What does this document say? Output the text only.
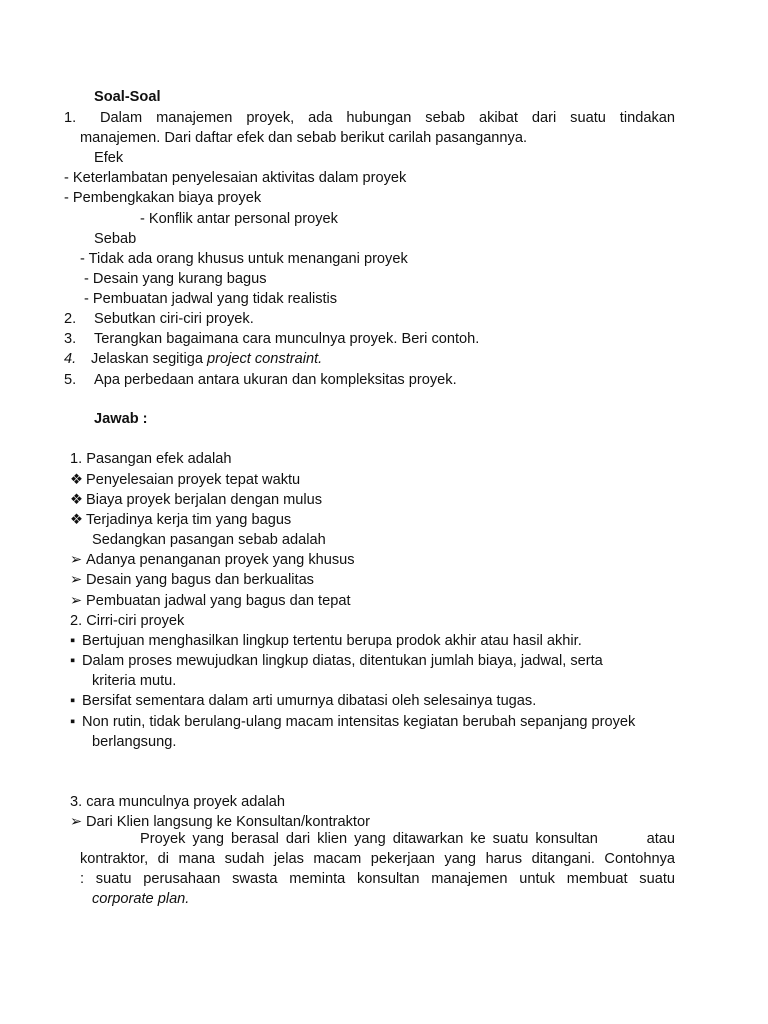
Soal-Soal
1. Dalam manajemen proyek, ada hubungan sebab akibat dari suatu tindakan
manajemen. Dari daftar efek dan sebab berikut carilah pasangannya.
Efek
- Keterlambatan penyelesaian aktivitas dalam proyek
- Pembengkakan biaya proyek
- Konflik antar personal proyek
Sebab
- Tidak ada orang khusus untuk menangani proyek
- Desain yang kurang bagus
- Pembuatan jadwal yang tidak realistis
2. Sebutkan ciri-ciri proyek.
3. Terangkan bagaimana cara munculnya proyek. Beri contoh.
4. Jelaskan segitiga project constraint.
5. Apa perbedaan antara ukuran dan kompleksitas proyek.
Jawab :
1. Pasangan efek adalah
❖ Penyelesaian proyek tepat waktu
❖ Biaya proyek berjalan dengan mulus
❖ Terjadinya kerja tim yang bagus
Sedangkan pasangan sebab adalah
➢ Adanya penanganan proyek yang khusus
➢ Desain yang bagus dan berkualitas
➢ Pembuatan jadwal yang bagus dan tepat
2. Cirri-ciri proyek
▪ Bertujuan menghasilkan lingkup tertentu berupa prodok akhir atau hasil akhir.
▪ Dalam proses mewujudkan lingkup diatas, ditentukan jumlah biaya, jadwal, serta
kriteria mutu.
▪ Bersifat sementara dalam arti umurnya dibatasi oleh selesainya tugas.
▪ Non rutin, tidak berulang-ulang macam intensitas kegiatan berubah sepanjang proyek
berlangsung.
3. cara munculnya proyek adalah
➢ Dari Klien langsung ke Konsultan/kontraktor
Proyek yang berasal dari klien yang ditawarkan ke suatu konsultan       atau
kontraktor, di mana sudah jelas macam pekerjaan yang harus ditangani. Contohnya
: suatu perusahaan swasta meminta konsultan manajemen untuk membuat suatu
corporate plan.
